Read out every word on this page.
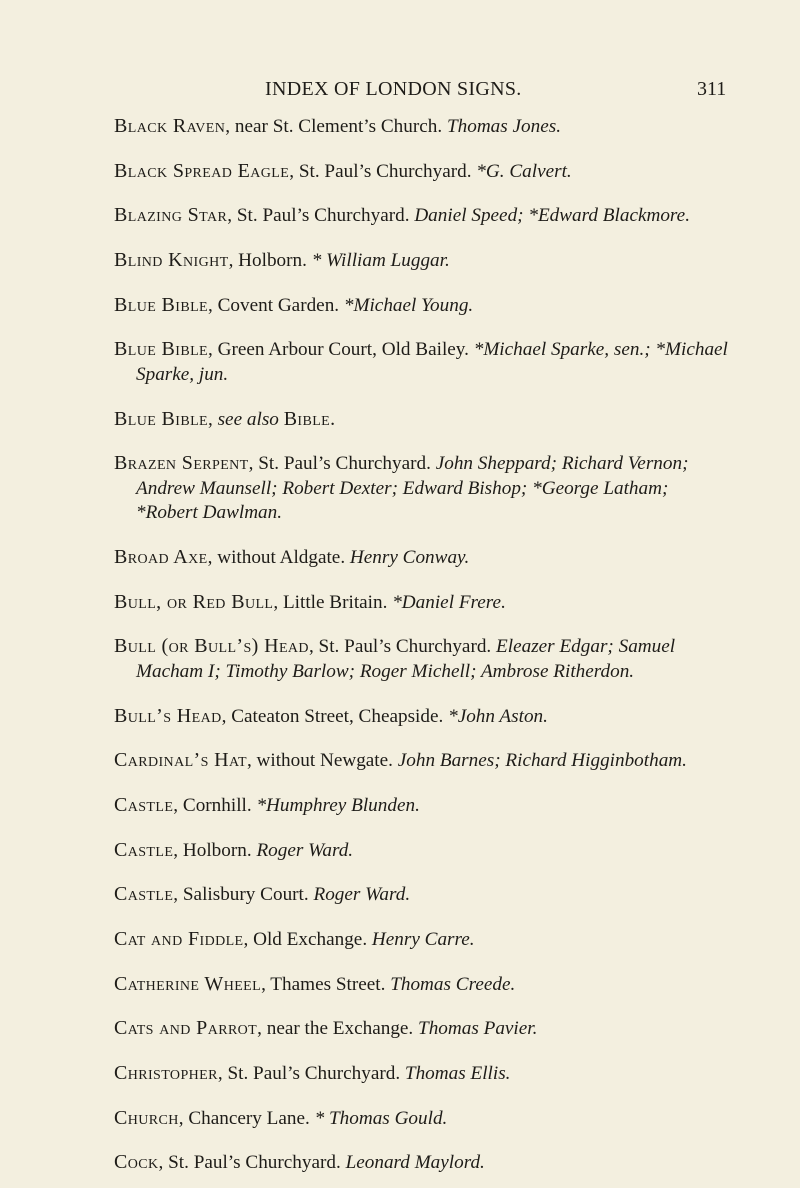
INDEX OF LONDON SIGNS.	311

Black Raven, near St. Clement’s Church. Thomas Jones.

Black Spread Eagle, St. Paul’s Churchyard. *G. Calvert.

Blazing Star, St. Paul’s Churchyard. Daniel Speed; *Edward Blackmore.

Blind Knight, Holborn. * William Luggar.

Blue Bible, Covent Garden. *Michael Young.

Blue Bible, Green Arbour Court, Old Bailey. *Michael Sparke, sen.; *Michael Sparke, jun.

Blue Bible, see also Bible.

Brazen Serpent, St. Paul’s Churchyard. John Sheppard; Richard Vernon; Andrew Maunsell; Robert Dexter; Edward Bishop; *George Latham; *Robert Dawlman.

Broad Axe, without Aldgate. Henry Conway.

Bull, or Red Bull, Little Britain. *Daniel Frere.

Bull (or Bull’s) Head, St. Paul’s Churchyard. Eleazer Edgar; Samuel Macham I; Timothy Barlow; Roger Michell; Ambrose Ritherdon.

Bull’s Head, Cateaton Street, Cheapside. *John Aston.

Cardinal’s Hat, without Newgate. John Barnes; Richard Higginbotham.

Castle, Cornhill. *Humphrey Blunden.

Castle, Holborn. Roger Ward.

Castle, Salisbury Court. Roger Ward.

Cat and Fiddle, Old Exchange. Henry Carre.

Catherine Wheel, Thames Street. Thomas Creede.

Cats and Parrot, near the Exchange. Thomas Pavier.

Christopher, St. Paul’s Churchyard. Thomas Ellis.

Church, Chancery Lane. * Thomas Gould.

Cock, St. Paul’s Churchyard. Leonard Maylord.
